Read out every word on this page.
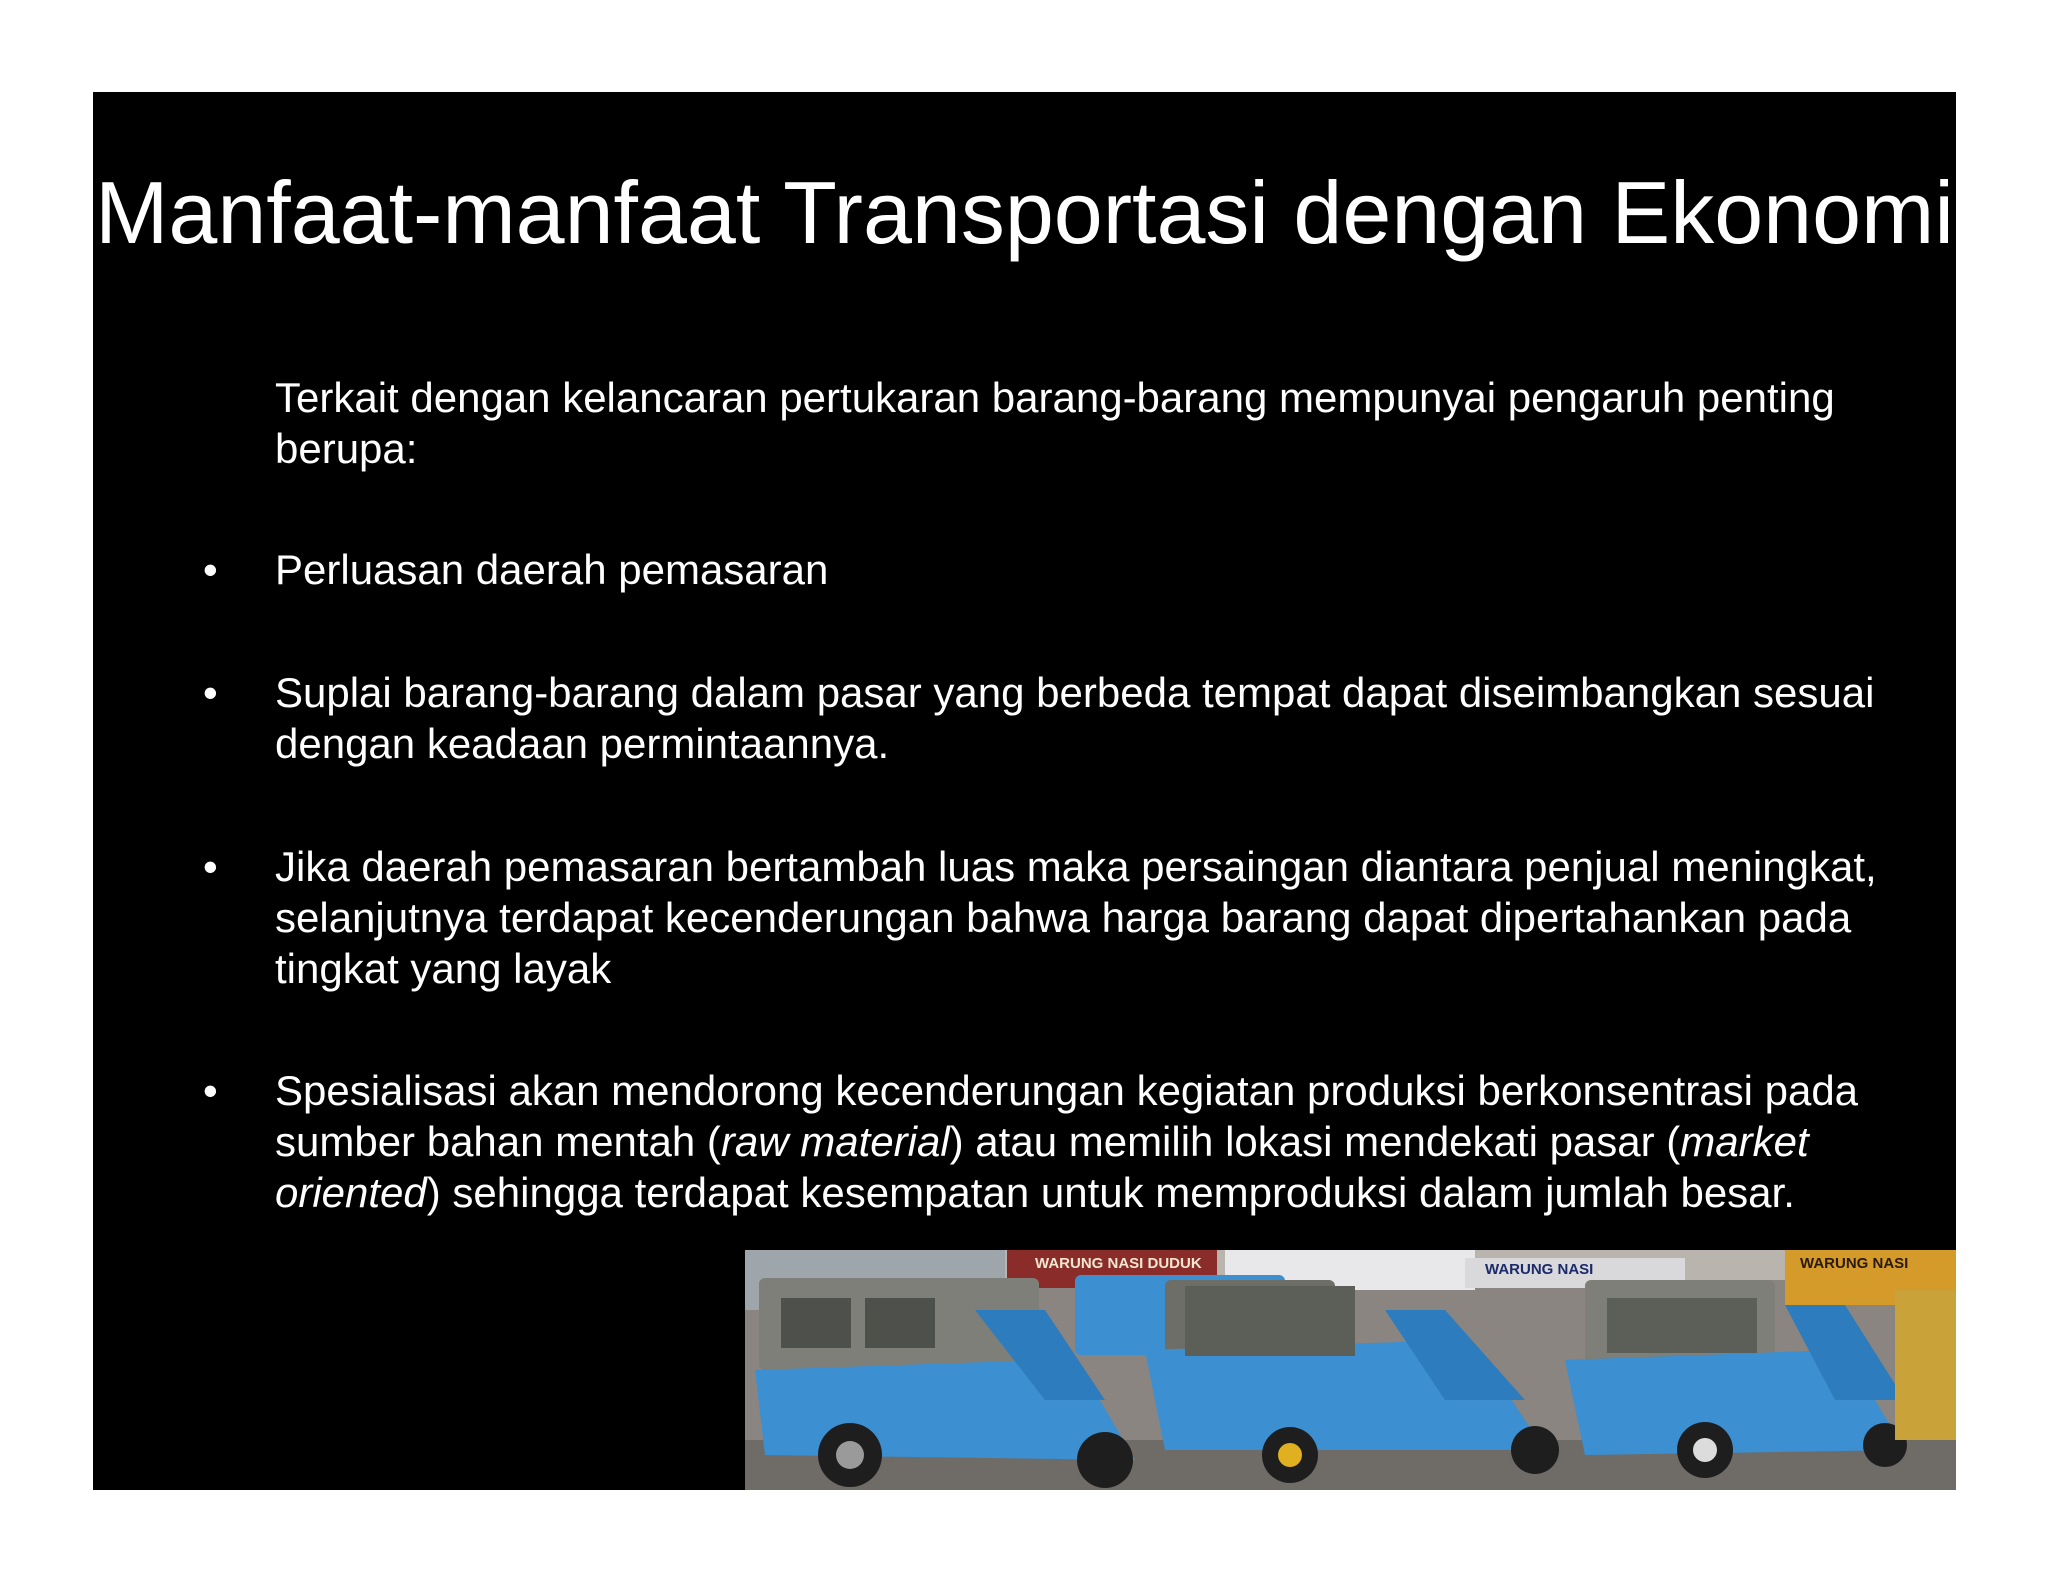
Manfaat-manfaat Transportasi dengan Ekonomi

Terkait dengan kelancaran pertukaran barang-barang mempunyai pengaruh penting berupa:

• Perluasan daerah pemasaran
• Suplai barang-barang dalam pasar yang berbeda tempat dapat diseimbangkan sesuai dengan keadaan permintaannya.
• Jika daerah pemasaran bertambah luas maka persaingan diantara penjual meningkat, selanjutnya terdapat kecenderungan bahwa harga barang dapat dipertahankan pada tingkat yang layak
• Spesialisasi akan mendorong kecenderungan kegiatan produksi berkonsentrasi pada sumber bahan mentah (raw material) atau memilih lokasi mendekati pasar (market oriented) sehingga terdapat kesempatan untuk memproduksi dalam jumlah besar.
WARUNG NASI DUDUK	WARUNG NASI	WARUNG NASI
